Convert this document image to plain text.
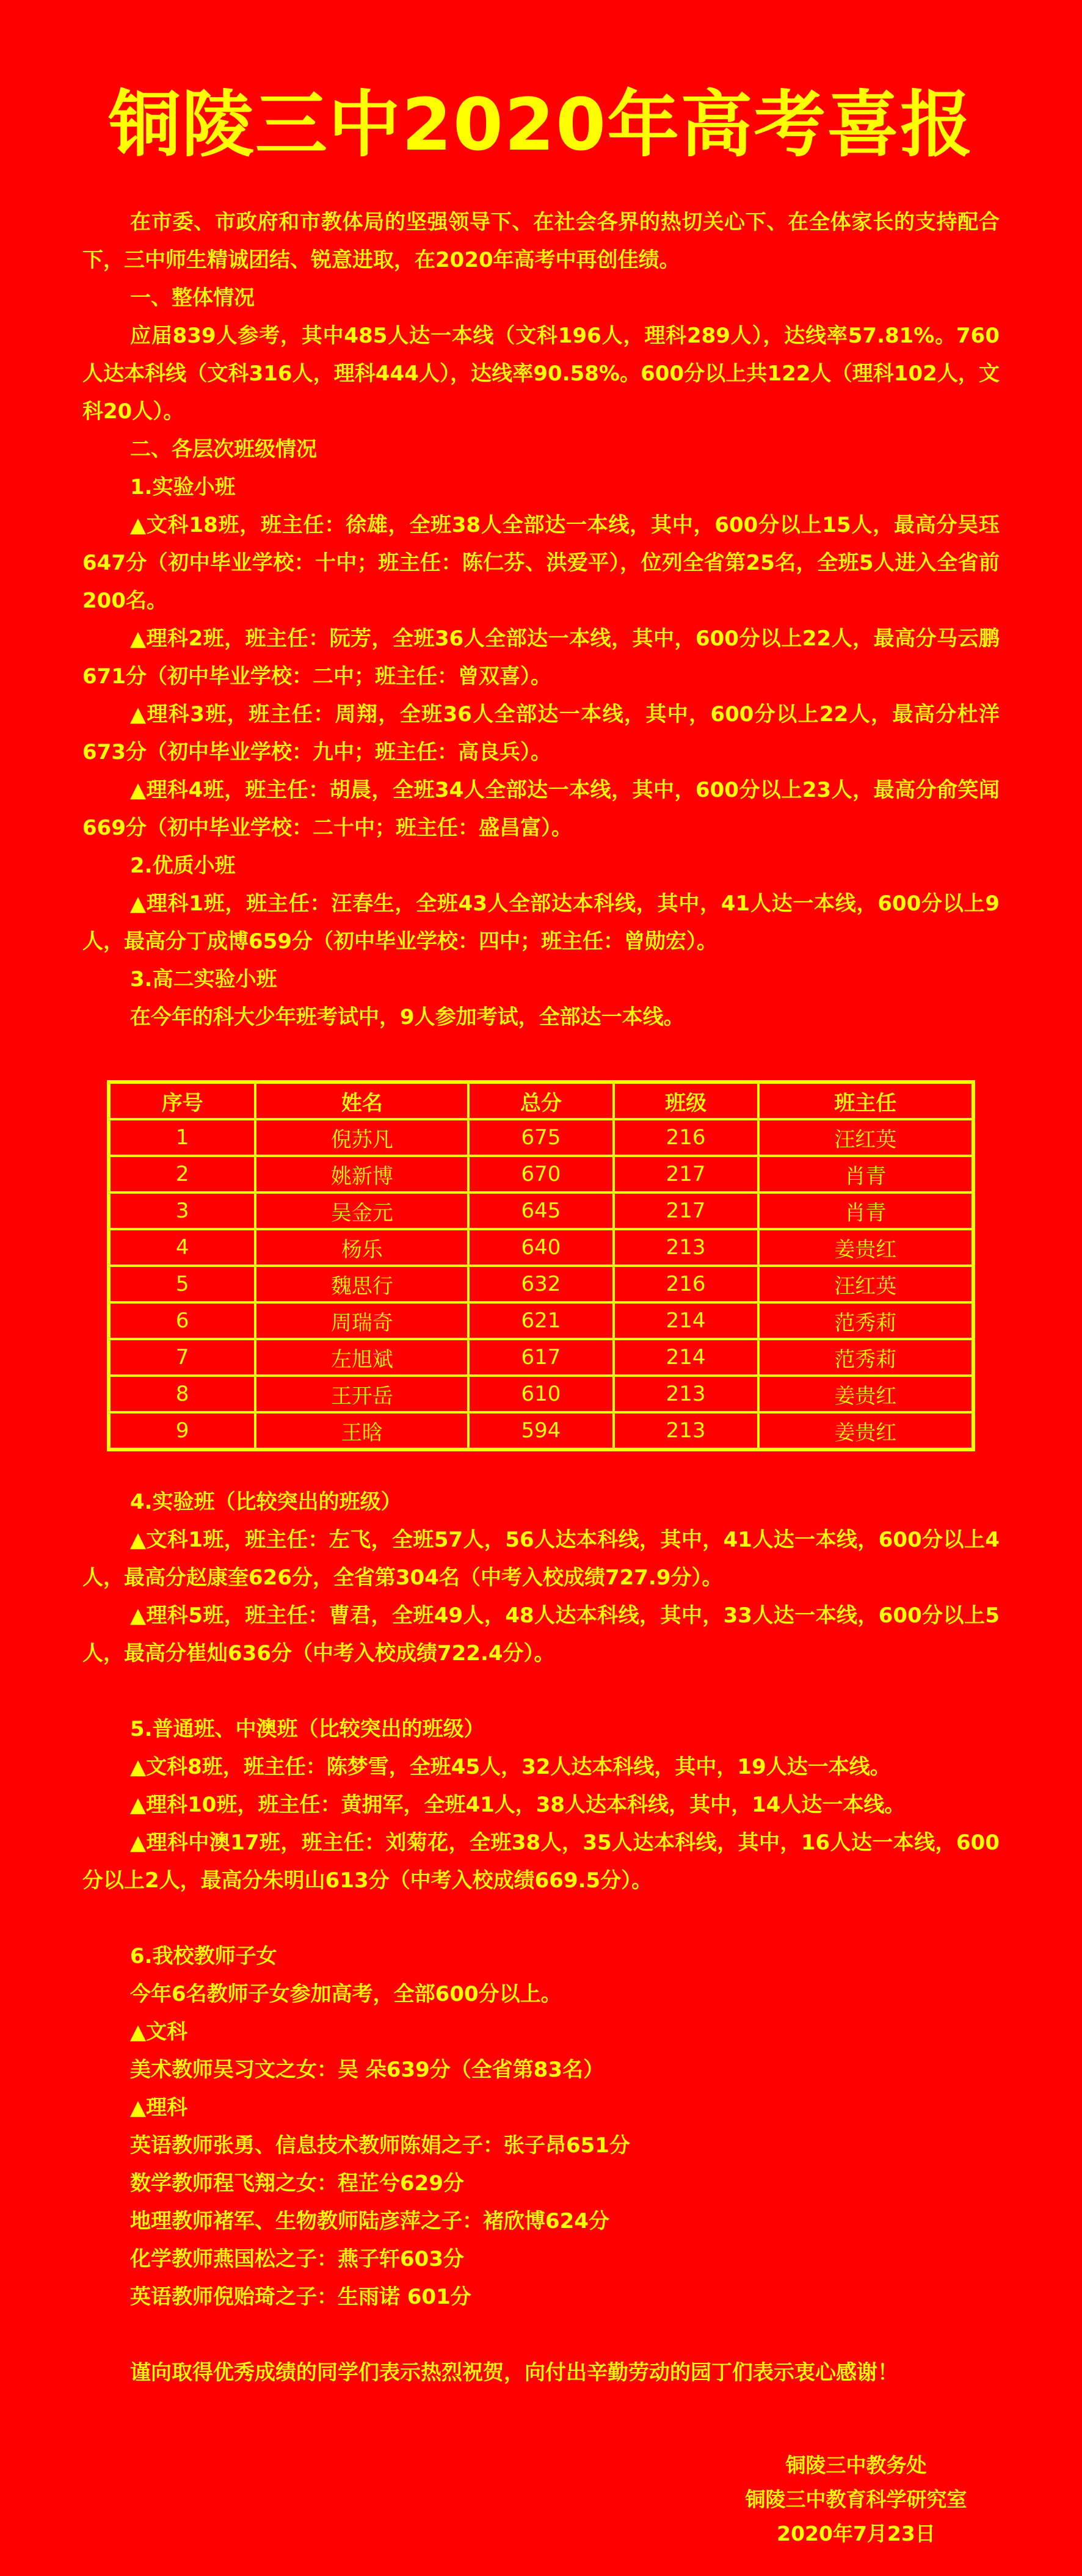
铜陵三中2020年高考喜报

在市委、市政府和市教体局的坚强领导下、在社会各界的热切关心下、在全体家长的支持配合下，三中师生精诚团结、锐意进取，在2020年高考中再创佳绩。

一、整体情况

应届839人参考，其中485人达一本线（文科196人，理科289人），达线率57.81%。760人达本科线（文科316人，理科444人），达线率90.58%。600分以上共122人（理科102人，文科20人）。

二、各层次班级情况

1.实验小班

▲文科18班，班主任：徐雄，全班38人全部达一本线，其中，600分以上15人，最高分吴珏647分（初中毕业学校：十中；班主任：陈仁芬、洪爱平），位列全省第25名，全班5人进入全省前200名。

▲理科2班，班主任：阮芳，全班36人全部达一本线，其中，600分以上22人，最高分马云鹏671分（初中毕业学校：二中；班主任：曾双喜）。

▲理科3班，班主任：周翔，全班36人全部达一本线，其中，600分以上22人，最高分杜洋673分（初中毕业学校：九中；班主任：高良兵）。

▲理科4班，班主任：胡晨，全班34人全部达一本线，其中，600分以上23人，最高分俞笑闻669分（初中毕业学校：二十中；班主任：盛昌富）。

2.优质小班

▲理科1班，班主任：汪春生，全班43人全部达本科线，其中，41人达一本线，600分以上9人，最高分丁成博659分（初中毕业学校：四中；班主任：曾勋宏）。

3.高二实验小班

在今年的科大少年班考试中，9人参加考试，全部达一本线。

序号	姓名	总分	班级	班主任
1	倪苏凡	675	216	汪红英
2	姚新博	670	217	肖青
3	吴金元	645	217	肖青
4	杨乐	640	213	姜贵红
5	魏思行	632	216	汪红英
6	周瑞奇	621	214	范秀莉
7	左旭斌	617	214	范秀莉
8	王开岳	610	213	姜贵红
9	王晗	594	213	姜贵红

4.实验班（比较突出的班级）

▲文科1班，班主任：左飞，全班57人，56人达本科线，其中，41人达一本线，600分以上4人，最高分赵康奎626分，全省第304名（中考入校成绩727.9分）。

▲理科5班，班主任：曹君，全班49人，48人达本科线，其中，33人达一本线，600分以上5人，最高分崔灿636分（中考入校成绩722.4分）。

5.普通班、中澳班（比较突出的班级）

▲文科8班，班主任：陈梦雪，全班45人，32人达本科线，其中，19人达一本线。

▲理科10班，班主任：黄拥军，全班41人，38人达本科线，其中，14人达一本线。

▲理科中澳17班，班主任：刘菊花，全班38人，35人达本科线，其中，16人达一本线，600分以上2人，最高分朱明山613分（中考入校成绩669.5分）。

6.我校教师子女

今年6名教师子女参加高考，全部600分以上。

▲文科

美术教师吴习文之女：吴 朵639分（全省第83名）

▲理科

英语教师张勇、信息技术教师陈娟之子：张子昂651分

数学教师程飞翔之女：程芷兮629分

地理教师褚军、生物教师陆彦萍之子：褚欣博624分

化学教师燕国松之子：燕子轩603分

英语教师倪贻琦之子：生雨诺 601分

谨向取得优秀成绩的同学们表示热烈祝贺，向付出辛勤劳动的园丁们表示衷心感谢！

铜陵三中教务处
铜陵三中教育科学研究室
2020年7月23日
